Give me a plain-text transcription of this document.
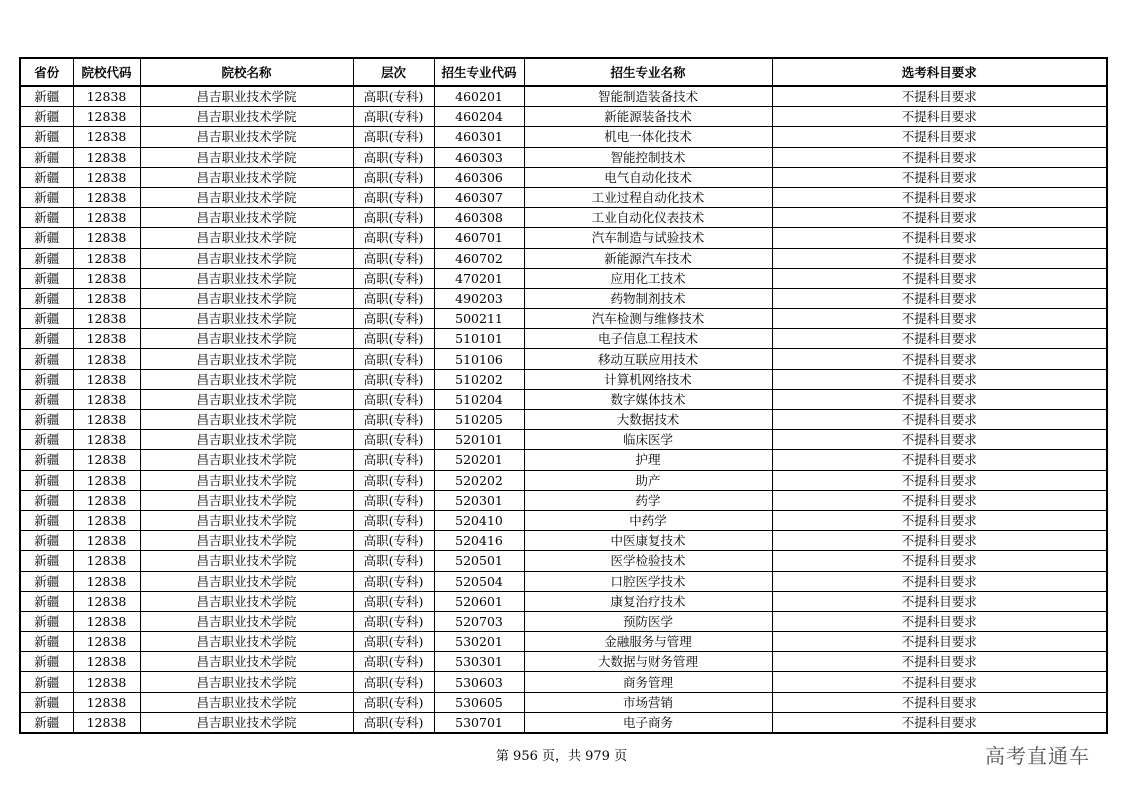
省份	院校代码	院校名称	层次	招生专业代码	招生专业名称	选考科目要求
新疆	12838	昌吉职业技术学院	高职(专科)	460201	智能制造装备技术	不提科目要求
新疆	12838	昌吉职业技术学院	高职(专科)	460204	新能源装备技术	不提科目要求
新疆	12838	昌吉职业技术学院	高职(专科)	460301	机电一体化技术	不提科目要求
新疆	12838	昌吉职业技术学院	高职(专科)	460303	智能控制技术	不提科目要求
新疆	12838	昌吉职业技术学院	高职(专科)	460306	电气自动化技术	不提科目要求
新疆	12838	昌吉职业技术学院	高职(专科)	460307	工业过程自动化技术	不提科目要求
新疆	12838	昌吉职业技术学院	高职(专科)	460308	工业自动化仪表技术	不提科目要求
新疆	12838	昌吉职业技术学院	高职(专科)	460701	汽车制造与试验技术	不提科目要求
新疆	12838	昌吉职业技术学院	高职(专科)	460702	新能源汽车技术	不提科目要求
新疆	12838	昌吉职业技术学院	高职(专科)	470201	应用化工技术	不提科目要求
新疆	12838	昌吉职业技术学院	高职(专科)	490203	药物制剂技术	不提科目要求
新疆	12838	昌吉职业技术学院	高职(专科)	500211	汽车检测与维修技术	不提科目要求
新疆	12838	昌吉职业技术学院	高职(专科)	510101	电子信息工程技术	不提科目要求
新疆	12838	昌吉职业技术学院	高职(专科)	510106	移动互联应用技术	不提科目要求
新疆	12838	昌吉职业技术学院	高职(专科)	510202	计算机网络技术	不提科目要求
新疆	12838	昌吉职业技术学院	高职(专科)	510204	数字媒体技术	不提科目要求
新疆	12838	昌吉职业技术学院	高职(专科)	510205	大数据技术	不提科目要求
新疆	12838	昌吉职业技术学院	高职(专科)	520101	临床医学	不提科目要求
新疆	12838	昌吉职业技术学院	高职(专科)	520201	护理	不提科目要求
新疆	12838	昌吉职业技术学院	高职(专科)	520202	助产	不提科目要求
新疆	12838	昌吉职业技术学院	高职(专科)	520301	药学	不提科目要求
新疆	12838	昌吉职业技术学院	高职(专科)	520410	中药学	不提科目要求
新疆	12838	昌吉职业技术学院	高职(专科)	520416	中医康复技术	不提科目要求
新疆	12838	昌吉职业技术学院	高职(专科)	520501	医学检验技术	不提科目要求
新疆	12838	昌吉职业技术学院	高职(专科)	520504	口腔医学技术	不提科目要求
新疆	12838	昌吉职业技术学院	高职(专科)	520601	康复治疗技术	不提科目要求
新疆	12838	昌吉职业技术学院	高职(专科)	520703	预防医学	不提科目要求
新疆	12838	昌吉职业技术学院	高职(专科)	530201	金融服务与管理	不提科目要求
新疆	12838	昌吉职业技术学院	高职(专科)	530301	大数据与财务管理	不提科目要求
新疆	12838	昌吉职业技术学院	高职(专科)	530603	商务管理	不提科目要求
新疆	12838	昌吉职业技术学院	高职(专科)	530605	市场营销	不提科目要求
新疆	12838	昌吉职业技术学院	高职(专科)	530701	电子商务	不提科目要求
第 956 页，共 979 页	高考直通车
